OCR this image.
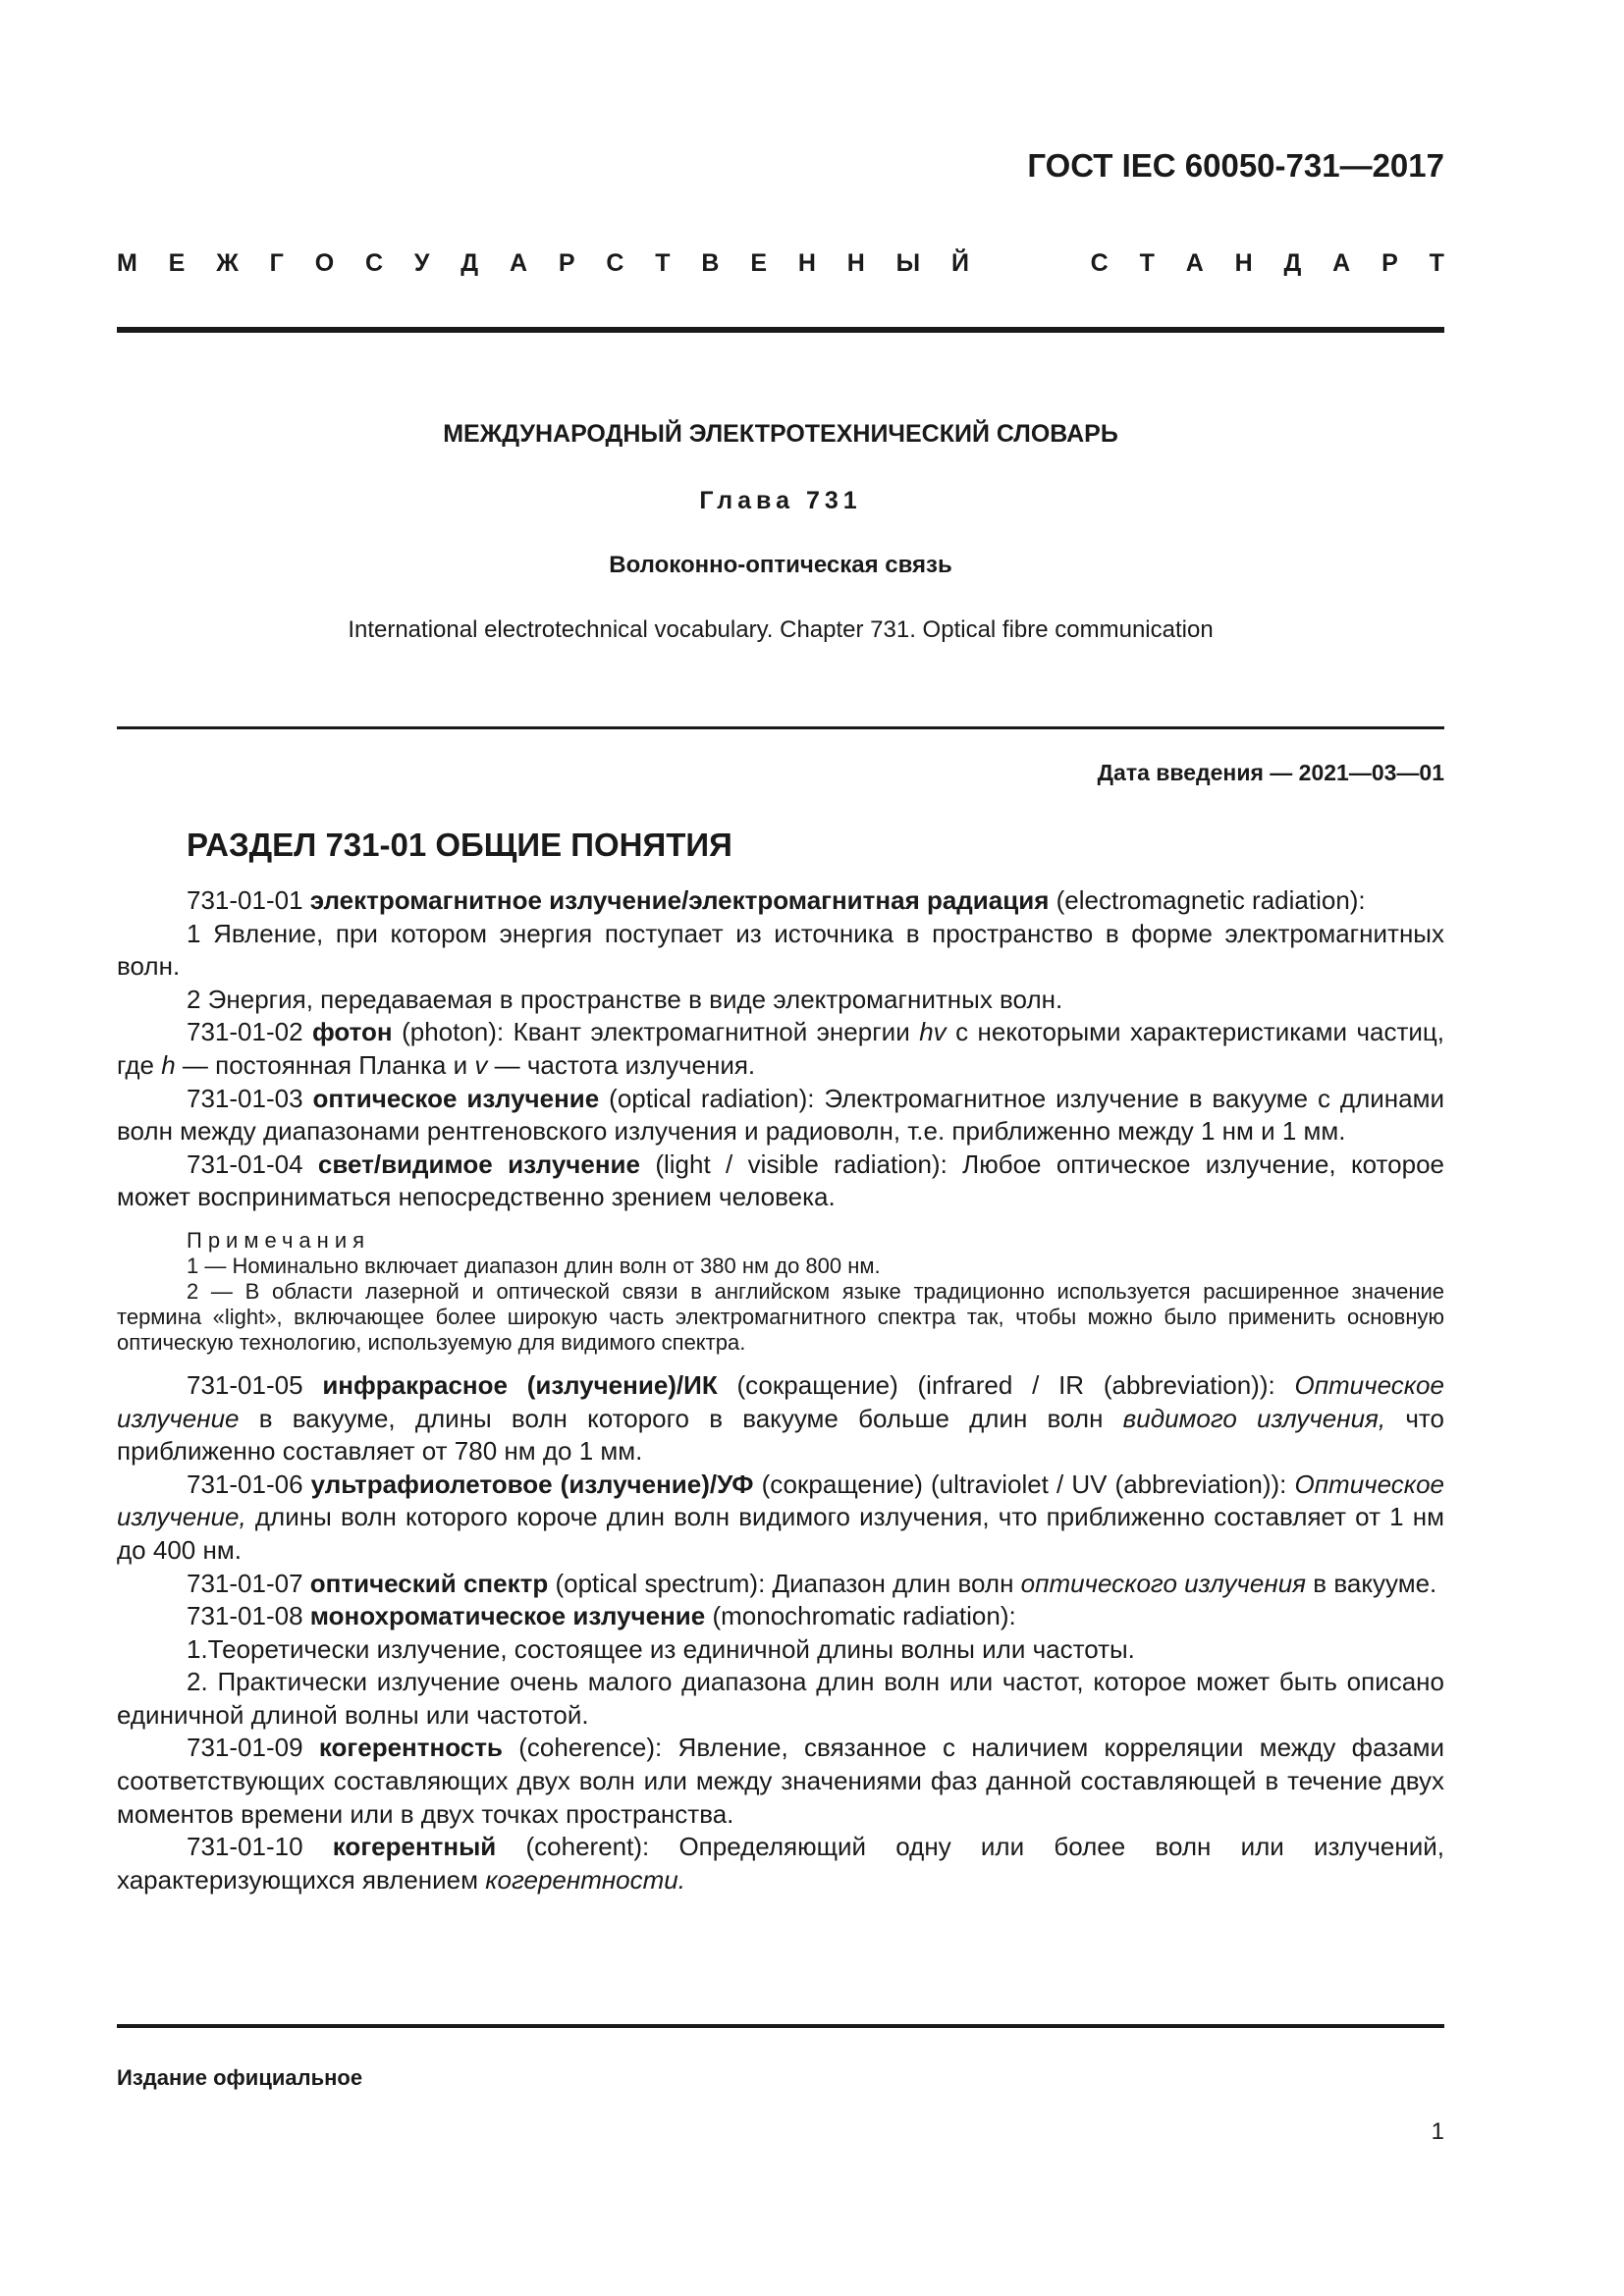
ГОСТ IEC 60050-731—2017
М Е Ж Г О С У Д А Р С Т В Е Н Н Ы Й	С Т А Н Д А Р Т
МЕЖДУНАРОДНЫЙ ЭЛЕКТРОТЕХНИЧЕСКИЙ СЛОВАРЬ
Глава 731
Волоконно-оптическая связь
International electrotechnical vocabulary. Chapter 731. Optical fibre communication
Дата введения — 2021—03—01
РАЗДЕЛ 731-01 ОБЩИЕ ПОНЯТИЯ

731-01-01 электромагнитное излучение/электромагнитная радиация (electromagnetic radiation):

1 Явление, при котором энергия поступает из источника в пространство в форме электромагнитных волн.

2 Энергия, передаваемая в пространстве в виде электромагнитных волн.

731-01-02 фотон (photon): Квант электромагнитной энергии hv с некоторыми характеристиками частиц, где h — постоянная Планка и v — частота излучения.

731-01-03 оптическое излучение (optical radiation): Электромагнитное излучение в вакууме с длинами волн между диапазонами рентгеновского излучения и радиоволн, т.е. приближенно между 1 нм и 1 мм.

731-01-04 свет/видимое излучение (light / visible radiation): Любое оптическое излучение, которое может восприниматься непосредственно зрением человека.

Примечания

1 — Номинально включает диапазон длин волн от 380 нм до 800 нм.

2 — В области лазерной и оптической связи в английском языке традиционно используется расширенное значение термина «light», включающее более широкую часть электромагнитного спектра так, чтобы можно было применить основную оптическую технологию, используемую для видимого спектра.

731-01-05 инфракрасное (излучение)/ИК (сокращение) (infrared / IR (abbreviation)): Оптическое излучение в вакууме, длины волн которого в вакууме больше длин волн видимого излучения, что приближенно составляет от 780 нм до 1 мм.

731-01-06 ультрафиолетовое (излучение)/УФ (сокращение) (ultraviolet / UV (abbreviation)): Оптическое излучение, длины волн которого короче длин волн видимого излучения, что приближенно составляет от 1 нм до 400 нм.

731-01-07 оптический спектр (optical spectrum): Диапазон длин волн оптического излучения в вакууме.

731-01-08 монохроматическое излучение (monochromatic radiation):

1.Теоретически излучение, состоящее из единичной длины волны или частоты.

2. Практически излучение очень малого диапазона длин волн или частот, которое может быть описано единичной длиной волны или частотой.

731-01-09 когерентность (coherence): Явление, связанное с наличием корреляции между фазами соответствующих составляющих двух волн или между значениями фаз данной составляющей в течение двух моментов времени или в двух точках пространства.

731-01-10 когерентный (coherent): Определяющий одну или более волн или излучений, характеризующихся явлением когерентности.

Издание официальное
1
